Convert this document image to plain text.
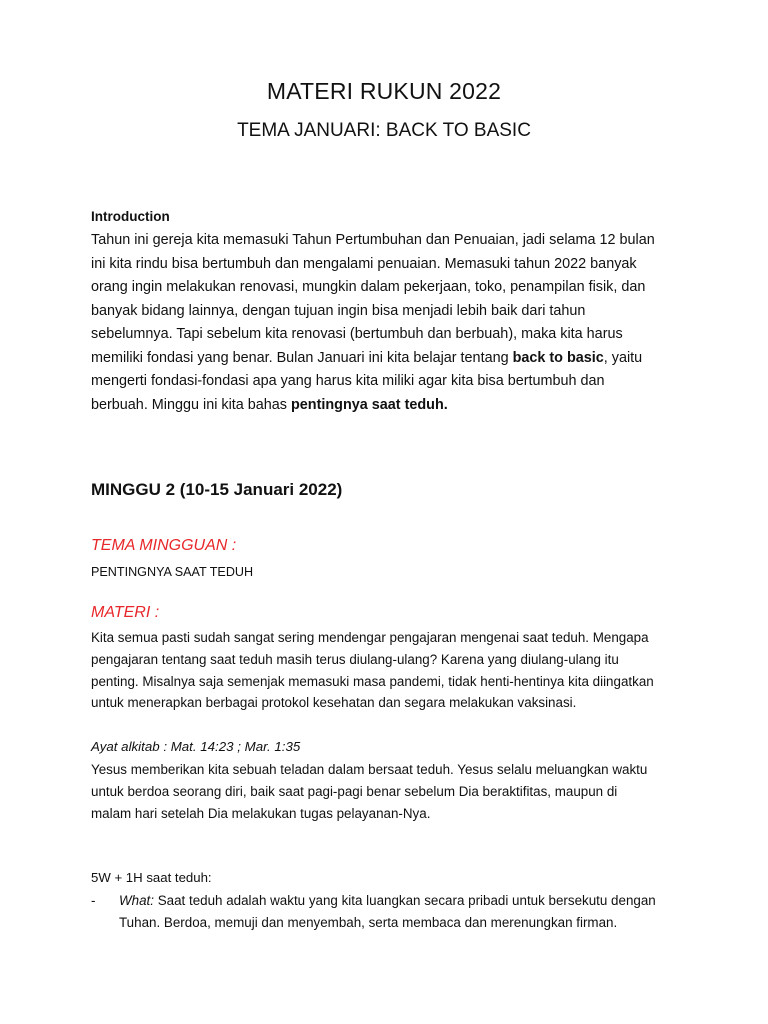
MATERI RUKUN 2022
TEMA JANUARI: BACK TO BASIC
Introduction
Tahun ini gereja kita memasuki Tahun Pertumbuhan dan Penuaian, jadi selama 12 bulan
ini kita rindu bisa bertumbuh dan mengalami penuaian. Memasuki tahun 2022 banyak
orang ingin melakukan renovasi, mungkin dalam pekerjaan, toko, penampilan fisik, dan
banyak bidang lainnya, dengan tujuan ingin bisa menjadi lebih baik dari tahun
sebelumnya. Tapi sebelum kita renovasi (bertumbuh dan berbuah), maka kita harus
memiliki fondasi yang benar. Bulan Januari ini kita belajar tentang back to basic, yaitu
mengerti fondasi-fondasi apa yang harus kita miliki agar kita bisa bertumbuh dan
berbuah. Minggu ini kita bahas pentingnya saat teduh.
MINGGU 2 (10-15 Januari 2022)
TEMA MINGGUAN :
PENTINGNYA SAAT TEDUH
MATERI :
Kita semua pasti sudah sangat sering mendengar pengajaran mengenai saat teduh. Mengapa
pengajaran tentang saat teduh masih terus diulang-ulang? Karena yang diulang-ulang itu
penting. Misalnya saja semenjak memasuki masa pandemi, tidak henti-hentinya kita diingatkan
untuk menerapkan berbagai protokol kesehatan dan segara melakukan vaksinasi.
Ayat alkitab : Mat. 14:23 ; Mar. 1:35
Yesus memberikan kita sebuah teladan dalam bersaat teduh. Yesus selalu meluangkan waktu
untuk berdoa seorang diri, baik saat pagi-pagi benar sebelum Dia beraktifitas, maupun di
malam hari setelah Dia melakukan tugas pelayanan-Nya.
5W + 1H saat teduh:
- What: Saat teduh adalah waktu yang kita luangkan secara pribadi untuk bersekutu dengan
Tuhan. Berdoa, memuji dan menyembah, serta membaca dan merenungkan firman.
